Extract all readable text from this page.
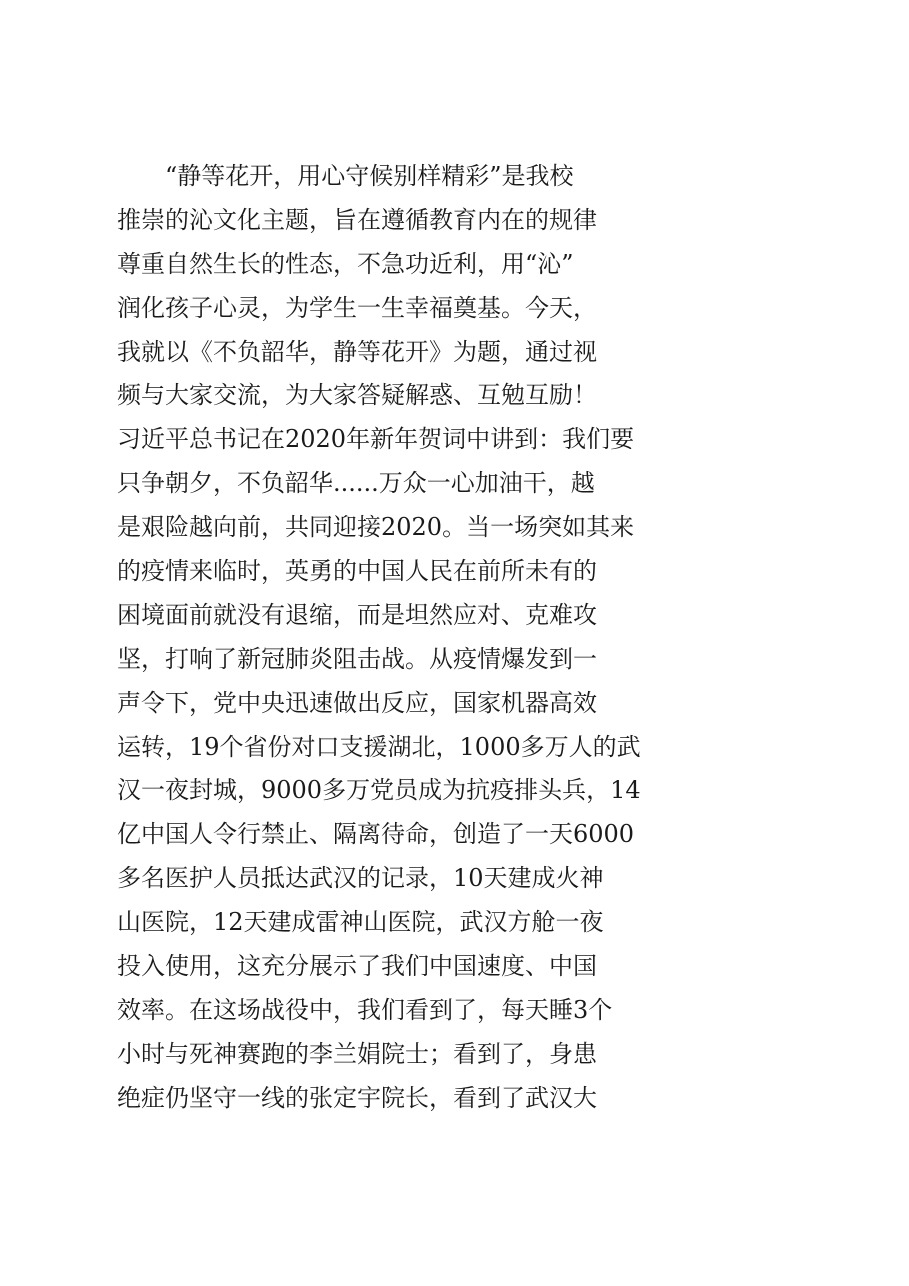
　　“静等花开，用心守候别样精彩”是我校
推崇的沁文化主题，旨在遵循教育内在的规律
尊重自然生长的性态，不急功近利，用“沁”
润化孩子心灵，为学生一生幸福奠基。今天，
我就以《不负韶华，静等花开》为题，通过视
频与大家交流，为大家答疑解惑、互勉互励！
习近平总书记在2020年新年贺词中讲到：我们要
只争朝夕，不负韶华......万众一心加油干，越
是艰险越向前，共同迎接2020。当一场突如其来
的疫情来临时，英勇的中国人民在前所未有的
困境面前就没有退缩，而是坦然应对、克难攻
坚，打响了新冠肺炎阻击战。从疫情爆发到一
声令下，党中央迅速做出反应，国家机器高效
运转，19个省份对口支援湖北，1000多万人的武
汉一夜封城，9000多万党员成为抗疫排头兵，14
亿中国人令行禁止、隔离待命，创造了一天6000
多名医护人员抵达武汉的记录，10天建成火神
山医院，12天建成雷神山医院，武汉方舱一夜
投入使用，这充分展示了我们中国速度、中国
效率。在这场战役中，我们看到了，每天睡3个
小时与死神赛跑的李兰娟院士；看到了，身患
绝症仍坚守一线的张定宇院长，看到了武汉大
